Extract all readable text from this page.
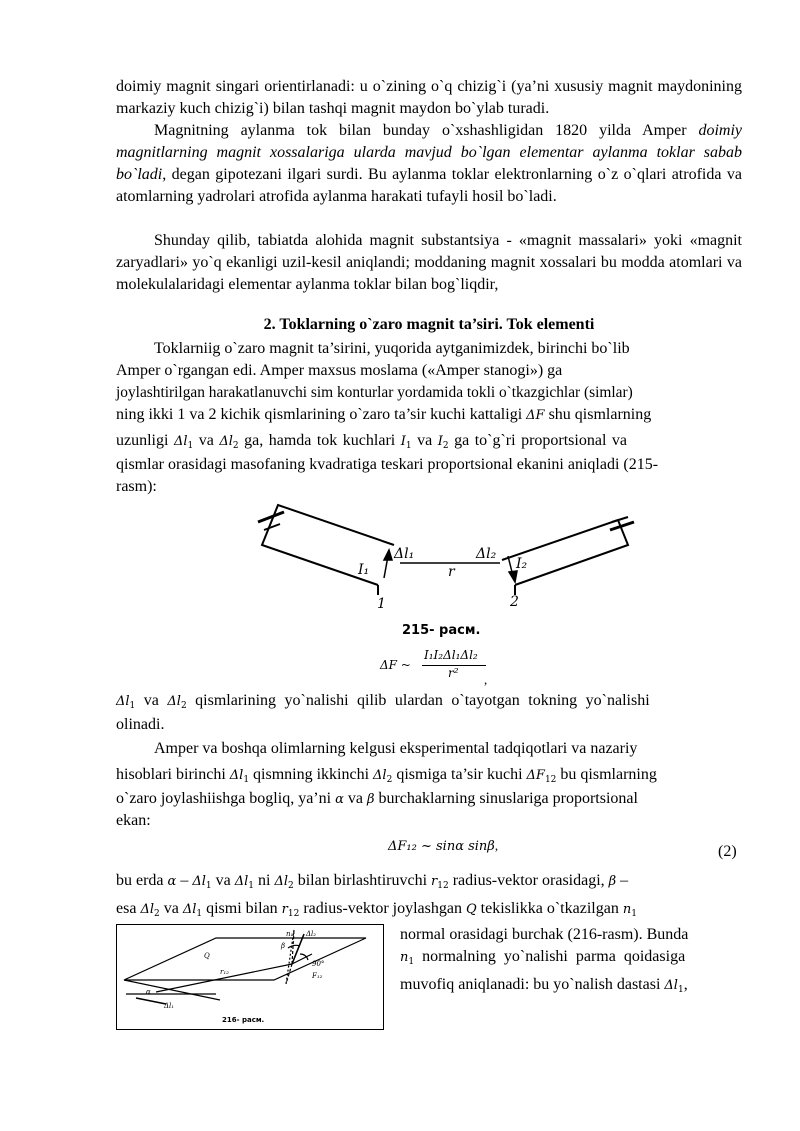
doimiy magnit singari orientirlanadi: u o`zining o`q chizig`i (ya’ni xususiy magnit maydonining markaziy kuch chizig`i) bilan tashqi magnit maydon bo`ylab turadi.

Magnitning aylanma tok bilan bunday o`xshashligidan 1820 yilda Amper doimiy magnitlarning magnit xossalariga ularda mavjud bo`lgan elementar aylanma toklar sabab bo`ladi, degan gipotezani ilgari surdi. Bu aylanma toklar elektronlarning o`z o`qlari atrofida va atomlarning yadrolari atrofida aylanma harakati tufayli hosil bo`ladi.

Shunday qilib, tabiatda alohida magnit substantsiya - «magnit massalari» yoki «magnit zaryadlari» yo`q ekanligi uzil-kesil aniqlandi; moddaning magnit xossalari bu modda atomlari va molekulalaridagi elementar aylanma toklar bilan bog`liqdir,

2. Toklarning o`zaro magnit ta’siri. Tok elementi

Toklarniig o`zaro magnit ta’sirini, yuqorida aytganimizdek, birinchi bo`lib

Amper o`rgangan edi. Amper maxsus moslama («Amper stanogi») ga

joylashtirilgan harakatlanuvchi sim konturlar yordamida tokli o`tkazgichlar (simlar)

ning ikki 1 va 2 kichik qismlarining o`zaro ta’sir kuchi kattaligi ΔF shu qismlarning

uzunligi $\Delta l_1$ va $\Delta l_2$ ga, hamda tok kuchlari $I_1$ va $I_2$ ga to`g`ri proportsional va

qismlar orasidagi masofaning kvadratiga teskari proportsional ekanini aniqladi (215-

rasm):

I₁
Δl₁	Δl₂
I₂
r
1	2
215- расм.
ΔF ~
I₁I₂Δl₁Δl₂
r² ,

$\Delta l_1$ va $\Delta l_2$ qismlarining yo`nalishi qilib ulardan o`tayotgan tokning yo`nalishi

olinadi.

Amper va boshqa olimlarning kelgusi eksperimental tadqiqotlari va nazariy

hisoblari birinchi $\Delta l_1$ qismning ikkinchi $\Delta l_2$ qismiga ta’sir kuchi $\Delta F_{12}$ bu qismlarning

o`zaro joylashiishga bogliq, ya’ni α va β burchaklarning sinuslariga proportsional

ekan:

ΔF₁₂ ~ sinα sinβ,	(2)

bu erda α – $\Delta l_1$ va $\Delta l_1$ ni $\Delta l_2$ bilan birlashtiruvchi $r_{12}$ radius-vektor orasidagi, β –

esa $\Delta l_2$ va $\Delta l_1$ qismi bilan $r_{12}$ radius-vektor joylashgan Q tekislikka o`tkazilgan $n_1$

normal orasidagi burchak (216-rasm). Bunda

$n_1$ normalning yo`nalishi parma qoidasiga

muvofiq aniqlanadi: bu yo`nalish dastasi $\Delta l_1$,

Q
n₁
β
Δl₂
90°
F₁₂
r₁₂
α
Δl₁
216- расм.
